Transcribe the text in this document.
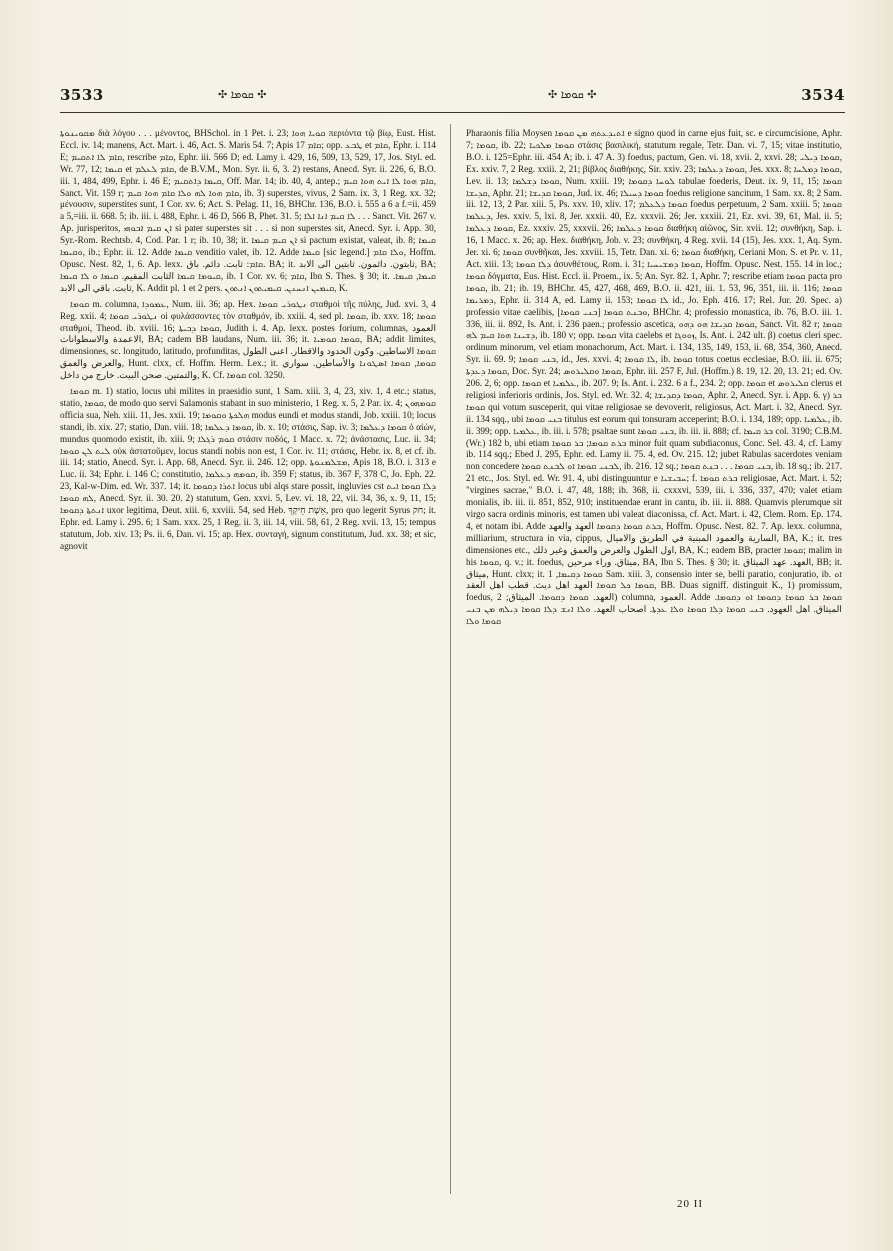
3533	✣ ܩܘܡܐ ✣	✣ ܩܘܡܐ ✣	3534

ܡܩܘܝܢܘܬܐ διὰ λόγου . . . μένοντος, BHSchol. in 1 Pet. i. 23; ܩܘܝܐ ܗܘܐ περιόντα τῷ βίῳ, Eust. Hist. Eccl. iv. 14; manens, Act. Mart. i. 46, Act. S. Maris 54. 7; Apis ܩܐܡ 17; opp. ܛܒܥ et ܩܐܡ, Ephr. i. 114 E; ܩܐܡ ܠܐ ܐܬܩܝܡ, rescribe ܩܐܡ, Ephr. iii. 566 D; ed. Lamy i. 429, 16, 509, 13, 529, 17, Jos. Styl. ed. Wr. 77, 12; ܩܝܡܐ et ܩܐܡ ܠܥܠܡ, de B.V.M., Mon. Syr. ii. 6, 3. 2) restans, Anecd. Syr. ii. 226, 6, B.O. iii. 1, 484, 499, Ephr. i. 46 E; ܩܝܡܐ ܕܐܬܩܝܡ, Off. Mar. 14; ib. 40, 4, antep.; ܩܐܡ ܗܘܐ ܠܐ ܐܝܬ ܗܘܐ ܩܝܡ, Sanct. Vit. 159 r; ܩܐܡ ܗܘܐ ܠܗ ܘܠܐ ܩܐܡ ܗܘܐ ܩܝܡ, ib. 3) superstes, vivus, 2 Sam. ix. 3, 1 Reg. xx. 32; μένουσιν, superstites sunt, 1 Cor. xv. 6; Act. S. Pelag. 11, 16, BHChr. 136, B.O. i. 555 a 6 a f.=ii. 459 a 5,=iii. ii. 668. 5; ib. iii. i. 488, Ephr. i. 46 D, 566 B, Phet. 31. 5; ܠܐ ܩܝܡ ܐܢܐ ܐܠܐ . . . Sanct. Vit. 267 v. Ap. jurisperitos, ܐܢ ܩܝܡ ܐܒܘܗܝ si pater superstes sit . . . si non superstes sit, Anecd. Syr. i. App. 30, Syr.-Rom. Rechtsb. 4, Cod. Par. 1 r; ib. 10, 38; it. ܐܢ ܩܝܡ ܩܝܡܐ si pactum existat, valeat, ib. 8; ܩܝܡܐ ܘܩܝܡܐ, ib.; Ephr. ii. 12. Adde ܩܝܡܐ venditio valet, ib. 12. Adde ܩܝܡܐ [sic legend.] ܘܠܐ ܩܐܡ, Hoffm. Opusc. Nest. 82, 1, 6. Ap. lexx. ܩܐܡ: ثابت. دائم. باق. BA; it. ثابتون. دائمون. ثابتين الى الابد, BA; ܩܝܘܡܐ ܩܝܡܐ الثابت المقيم. ܩܝܡܐ ܘ ܠܐ ܩܝܡܐ, ib. 1 Cor. xv. 6; ܩܐܡ, Ibn S. Thes. § 30; it. ܩܝܡܐ, ܩܝܡܐ. ثابت. باقي الى الابد, K. Addit pl. 1 et 2 pers. ܩܝܡܝܢ ܐܢܚܢܢ. ܩܝܡܝܬܘܢ ܐܢܬܘܢ, K.

ܩܘܡܐ m. columna, ܥܡܘܕܐ, Num. iii. 36; ap. Hex. ܢܛܘܪܝ ܩܘܡܐ σταθμοὶ τῆς πύλης, Jud. xvi. 3, 4 Reg. xxii. 4; ܢܛܘܪܝ ܩܘܡܐ oi φυλάσσοντες τὸν σταθμόν, ib. xxiii. 4, sed pl. ܩܘܡܐ, ib. xxv. 18; ܩܘܡܐ σταθμοί, Theod. ib. xviii. 16; ܩܘܡܐ ܕܒܝܬܐ, Judith i. 4. Ap. lexx. postes forium, columnas, العمود الاعمدة والاسطوانات, BA; cadem BB laudans, Num. iii. 36; it. ܩܘܡܐ ܩܘܡܝܐ, BA; addit limites, dimensiones, sc. longitudo, latitudo, profunditas, ܩܘܡܐ الاساطين. وكون الحدود والاقطار. اعنى الطول والعرض والعمق, Hunt. clxx, cf. Hoffm. Herm. Lex.; it. ܩܘܡܐ, ܩܘܡܐ ܐܣܛܘܢܐ والأساطين. سواري والتمتين. صحن البيت. خارج من داخل, K. Cf. ܩܘܡܐ col. 3250.

ܩܘܡܐ m. 1) statio, locus ubi milites in praesidio sunt, 1 Sam. xiii. 3, 4, 23, xiv. 1, 4 etc.; status, statio, ܩܘܡܐ, de modo quo servi Salamonis stabant in suo ministerio, 1 Reg. x. 5, 2 Par. ix. 4; ܩܘܡܗܘܢ officia sua, Neh. xiii. 11, Jes. xxii. 19; ܗܠܟܬܐ ܘܩܘܡܐ modus eundi et modus standi, Job. xxiii. 10; locus standi, ib. xix. 27; statio, Dan. viii. 18; ܩܘܡܐ ܕܥܠܡܐ, ib. x. 10; στάσις, Sap. iv. 3; ܩܘܡܐ ܕܥܠܡܐ ὁ αἰών, mundus quomodo existit, ib. xiii. 9; ܩܘܡ ܪܓܠܐ στάσιν ποδός, 1 Macc. x. 72; ἀνάστασις, Luc. ii. 34; ܠܝܬ ܠܢ ܩܘܡܐ οὐκ ἀστατοῦμεν, locus standi nobis non est, 1 Cor. iv. 11; στάσις, Hebr. ix. 8, et cf. ib. iii. 14; statio, Anecd. Syr. i. App. 68, Anecd. Syr. ii. 246. 12; opp. ܡܫܠܡܢܘܬܐ, Apis 18, B.O. i. 313 e Luc. ii. 34; Ephr. i. 146 C; constitutio, ܩܘܡܗ ܕܥܠܡܐ, ib. 359 F; status, ib. 367 F, 378 C, Jo. Eph. 22. 23, Kal-w-Dim. ed. Wr. 337. 14; it. ܐܬܪܐ ܕܩܘܡܐ locus ubi alqs stare possit, ingluvies cst ܕܠܐ ܩܘܡܐ ܐܝܬ ܠܗ ܩܘܡܐ, Anecd. Syr. ii. 30. 20. 2) statutum, Gen. xxvi. 5, Lev. vi. 18, 22, vii. 34, 36, x. 9, 11, 15; ܐܢܬܬܐ ܕܩܘܡܐ uxor legitima, Deut. xiii. 6, xxviii. 54, sed Heb. אֵשֶׁת חֵיקְךָ, pro quo legerit Syrus חק; it. Ephr. ed. Lamy i. 295. 6; 1 Sam. xxx. 25, 1 Reg. ii. 3, iii. 14, viii. 58, 61, 2 Reg. xvii. 13, 15; tempus statutum, Job. xiv. 13; Ps. ii. 6, Dan. vi. 15; ap. Hex. συνταγή, signum constitutum, Jud. xx. 38; et sic, agnovit

Pharaonis filia Moysen ܐܬܝܕܥܬܗ ܡܢ ܩܘܡܐ e signo quod in carne ejus fuit, sc. e circumcisione, Aphr. 7; ܩܘܡܐ, ib. 22; ܩܘܡܐ ܡܠܟܝܐ στάσις βασιλική, statutum regale, Tetr. Dan. vi. 7, 15; vitae institutio, B.O. i. 125=Ephr. iii. 454 A; ib. i. 47 A. 3) foedus, pactum, Gen. vi. 18, xvii. 2, xxvi. 28; ܩܘܡܐ ܕܝܠܝ, Ex. xxiv. 7, 2 Reg. xxiii. 2, 21; βίβλος διαθήκης, Sir. xxiv. 23; ܩܘܡܐ ܕܥܠܡܐ, Jes. xxx. 8; ܩܘܡܐ ܕܡܠܚܐ, Lev. ii. 13; ܩܘܡܐ ܕܫܠܡܐ, Num. xxiii. 19; ܠܘܚܐ ܕܩܘܡܐ tabulae foederis, Deut. ix. 9, 11, 15; ܩܘܡܐ ܩܕܝܫܐ, Aphr. 21; ܩܘܡܐ ܩܕܝܫܐ, Jud. ix. 46; ܩܘܡܐ ܕܚܝܠܐ foedus religione sancitum, 1 Sam. xx. 8; 2 Sam. iii. 12, 13, 2 Par. xiii. 5, Ps. xxv. 10, xliv. 17; ܩܘܡܐ ܕܠܥܠܡ foedus perpetuum, 2 Sam. xxiii. 5; ܩܘܡܐ ܕܥܠܡܐ, Jes. xxiv. 5, lxi. 8, Jer. xxxii. 40, Ez. xxxvii. 26; Jer. xxxiii. 21, Ez. xvi. 39, 61, Mal. ii. 5; ܩܘܡܐ ܕܥܠܡܐ, Ez. xxxiv. 25, xxxvii. 26; ܩܘܡܐ ܕܥܠܡܐ διαθήκη αἰῶνος, Sir. xvii. 12; συνθήκη, Sap. i. 16, 1 Macc. x. 26; ap. Hex. διαθήκη, Job. v. 23; συνθήκη, 4 Reg. xvii. 14 (15), Jes. xxx. 1, Aq. Sym. Jer. xi. 6; ܩܘܡܐ συνθῆκαι, Jes. xxviii. 15, Tetr. Dan. xi. 6; ܩܘܡܐ διαθήκη, Ceriani Mon. S. et Pr. v. 11, Act. xiii. 13; ܕܠܐ ܩܘܡܐ ἀσυνθέτους, Rom. i. 31; ܩܘܡܐ ܕܡܫܝܚܝܐ, Hoffm. Opusc. Nest. 155. 14 in loc.; ܩܘܡܐ δόγματα, Eus. Hist. Eccl. ii. Proem., ix. 5; An. Syr. 82. 1, Aphr. 7; rescribe etiam ܩܘܡܐ pacta pro ܩܘܡܐ, ib. 21; ib. 19, BHChr. 45, 427, 468, 469, B.O. ii. 421, iii. 1. 53, 96, 351, iii. ii. 116; ܩܘܡܐ ܕܡܪܝܡܐ, Ephr. ii. 314 A, ed. Lamy ii. 153; ܠܐ ܩܘܡܐ id., Jo. Eph. 416. 17; Rel. Jur. 20. Spec. a) professio vitae caelibis, [ܒܢܝ ܩܘܡܐ] ܘܒܢܬ ܩܘܡܐ, BHChr. 4; professio monastica, ib. 76, B.O. iii. 1. 336, iii. ii. 892, Is. Ant. i. 236 paen.; professio ascetica, ܩܘܡܐ ܩܕܝܫܐ ܗܘ ܕܗܘ, Sanct. Vit. 82 r; ܩܘܡܐ ܕܫܝܢܐ ܗܘܐ ܩܝܡ ܠܗ, ib. 180 v; opp. ܩܘܡܐ vita caelebs et ܙܘܘܓܐ, Is. Ant. i. 242 ult. β) coetus cleri spec. ordinum minorum, vel etiam monachorum, Act. Mart. i. 134, 135, 149, 153, ii. 68, 354, 360, Anecd. Syr. ii. 69. 9; ܒܢܝ ܩܘܡܐ, id., Jes. xxvi. 4; ܠܐ ܩܘܡܐ, ib. ܩܘܡܐ totus coetus ecclesiae, B.O. iii. ii. 675; ܩܘܡܐ ܕܥܕܬܐ, Doc. Syr. 24; ܩܘܡܐ ܘܩܠܝܪܘܣ, Ephr. iii. 257 F, Jul. (Hoffm.) 8. 19, 12. 20, 13. 21; ed. Ov. 206. 2, 6; opp. ܩܘܡܐ et ܥܠܡܝܐ, ib. 207. 9; Is. Ant. i. 232. 6 a f., 234. 2; opp. ܩܘܡܐ et ܩܠܝܪܘܣ clerus et religiosi inferioris ordinis, Jos. Styl. ed. Wr. 32. 4; ܩܘܡܐ ܕܩܕܝܫܐ, Aphr. 2, Anecd. Syr. i. App. 6. γ) ܒܪ ܩܘܡܐ qui votum susceperit, qui vitae religiosae se devoverit, religiosus, Act. Mart. i. 32, Anecd. Syr. ii. 134 sqq., ubi ܒܢܝ ܩܘܡܐ titulus est eorum qui tonsuram acceperint; B.O. i. 134, 189; opp. ܥܠܡܝܐ, ib. ii. 399; opp. ܥܠܡܝܐ, ib. iii. i. 578; psaltae sunt ܒܢܝ ܩܘܡܐ, ib. iii. ii. 888; cf. ܒܪ ܩܝܡܐ col. 3190; C.B.M. (Wr.) 182 b, ubi etiam ܒܪܬ ܩܘܡܐ; ܒܪ ܩܘܡܐ minor fuit quam subdiaconus, Conc. Sel. 43. 4, cf. Lamy ib. 114 sqq.; Ebed J. 295, Ephr. ed. Lamy ii. 75. 4, ed. Ov. 215. 12; jubet Rabulas sacerdotes veniam non concedere ܠܒܢܝ ܩܘܡܐ ܐܘ ܠܒܢܬ ܩܘܡܐ, ib. 216. 12 sq.; ܒܢܝ ܩܘܡܐ . . . ܒܢܬ ܩܘܡܐ, ib. 18 sq.; ib. 217. 21 etc., Jos. Styl. ed. Wr. 91. 4, ubi distinguuntur e ܚܒܝܫܝܐ; f. ܒܪܬ ܩܘܡܐ religiosae, Act. Mart. i. 52; "virgines sacrae," B.O. i. 47, 48, 188; ib. 368, ii. cxxxvi, 539, iii. i. 336, 337, 470; valet etiam monialis, ib. iii. ii. 851, 852, 910; instituendae erant in cantu, ib. iii. ii. 888. Quamvis plerumque sit virgo sacra ordinis minoris, est tamen ubi valeat diaconissa, cf. Act. Mart. i. 42, Clem. Rom. Ep. 174. 4, et notam ibi. Adde ܒܪܬ ܩܘܡܐ ܕܩܘܡܐ العهد والعهد, Hoffm. Opusc. Nest. 82. 7. Ap. lexx. columna, milliarium, structura in via, cippus, السارية والعمود المبنية في الطريق والاميال, BA, K.; it. tres dimensiones etc., اول الطول والعرض والعمق وغير ذلك, BA, K.; eadem BB, practer ܩܘܡܐ; malim in his ܩܘܡܐ, q. v.; it. foedus, ميثاق. وراء مرحين, BA, Ibn S. Thes. § 30; it. العهد. عهد الميثاق, BB; it. ميثاق, Hunt. clxx; it. ܩܘܡܐ ܕܩܝܡܐ, 1 Sam. xiii. 3, consensio inter se, belli paratio, conjuratio, ib. ܐܘ ܩܘܡܐ ܟܠ ܩܘܡܐ العهد اهل ديث. قطب اهل العقد, BB. Duas signiff. distinguit K., 1) promissum, foedus, العهد. ܩܘܡܐ ܕܩܘܡܐ. الميثاق; 2) columna, العمود. Adde ܩܘܡܐ ܒܪ ܩܘܡܐ ܕܩܘܡܐ ܐܘ ܕܩܘܡܐ. الميثاق. اهل العهود. ܒܢܝ ܩܘܡܐ ܕܠܐ ܩܘܡܐ ܘܠܐ ܥܕܬܐ. اصحاب العهد. ܘܠܐ ܐܢܫ ܕܠܐ ܩܘܡܐ ܕܝܠܗ ܡܢ ܒܢܝ ܩܘܡܐ ܘܠܐ

20 II
